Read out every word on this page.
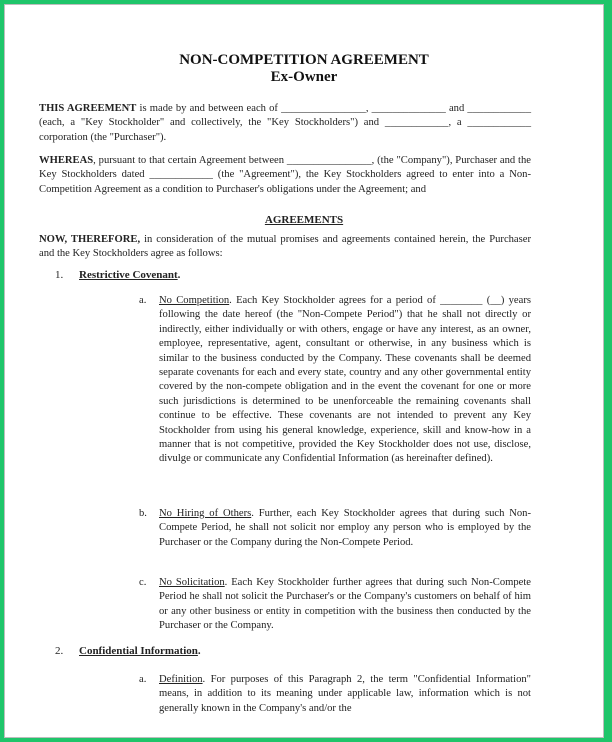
NON-COMPETITION AGREEMENT
Ex-Owner

THIS AGREEMENT is made by and between each of ________________, ______________ and ____________ (each, a "Key Stockholder" and collectively, the "Key Stockholders") and ____________, a ____________ corporation (the "Purchaser").

WHEREAS, pursuant to that certain Agreement between ________________, (the "Company"), Purchaser and the Key Stockholders dated ____________ (the "Agreement"), the Key Stockholders agreed to enter into a Non-Competition Agreement as a condition to Purchaser's obligations under the Agreement; and

AGREEMENTS

NOW, THEREFORE, in consideration of the mutual promises and agreements contained herein, the Purchaser and the Key Stockholders agree as follows:

1. Restrictive Covenant.
a. No Competition. Each Key Stockholder agrees for a period of ________ (__) years following the date hereof (the "Non-Compete Period") that he shall not directly or indirectly, either individually or with others, engage or have any interest, as an owner, employee, representative, agent, consultant or otherwise, in any business which is similar to the business conducted by the Company. These covenants shall be deemed separate covenants for each and every state, country and any other governmental entity covered by the non-compete obligation and in the event the covenant for one or more such jurisdictions is determined to be unenforceable the remaining covenants shall continue to be effective. These covenants are not intended to prevent any Key Stockholder from using his general knowledge, experience, skill and know-how in a manner that is not competitive, provided the Key Stockholder does not use, disclose, divulge or communicate any Confidential Information (as hereinafter defined).

b. No Hiring of Others. Further, each Key Stockholder agrees that during such Non-Compete Period, he shall not solicit nor employ any person who is employed by the Purchaser or the Company during the Non-Compete Period.

c. No Solicitation. Each Key Stockholder further agrees that during such Non-Compete Period he shall not solicit the Purchaser's or the Company's customers on behalf of him or any other business or entity in competition with the business then conducted by the Purchaser or the Company.

2. Confidential Information.
a. Definition. For purposes of this Paragraph 2, the term "Confidential Information" means, in addition to its meaning under applicable law, information which is not generally known in the Company's and/or the
